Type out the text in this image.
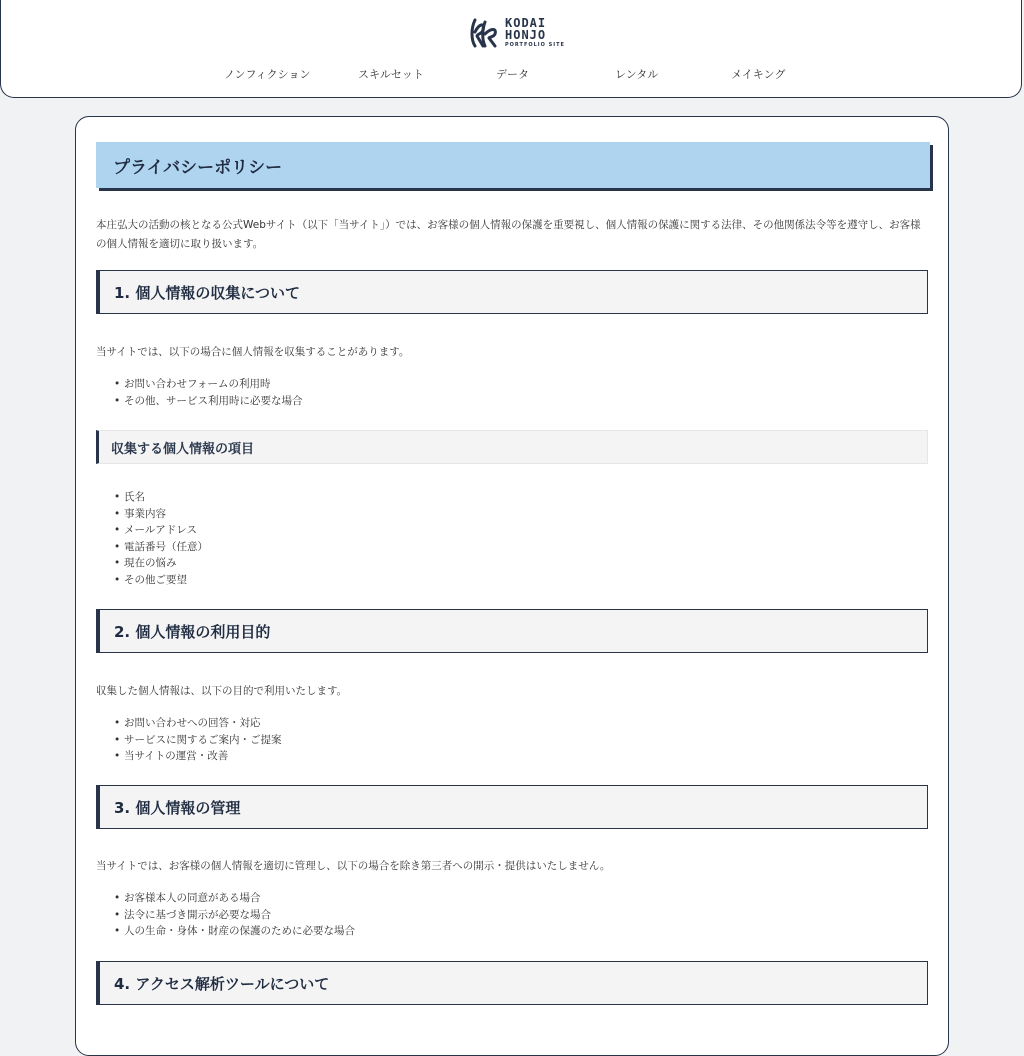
KODAI
HONJO
PORTFOLIO SITE
ノンフィクション	スキルセット	データ	レンタル	メイキング
プライバシーポリシー

本庄弘大の活動の核となる公式Webサイト（以下「当サイト」）では、お客様の個人情報の保護を重要視し、個人情報の保護に関する法律、その他関係法令等を遵守し、お客様の個人情報を適切に取り扱います。

1. 個人情報の収集について

当サイトでは、以下の場合に個人情報を収集することがあります。

• お問い合わせフォームの利用時
• その他、サービス利用時に必要な場合
収集する個人情報の項目
• 氏名
• 事業内容
• メールアドレス
• 電話番号（任意）
• 現在の悩み
• その他ご要望
2. 個人情報の利用目的

収集した個人情報は、以下の目的で利用いたします。

• お問い合わせへの回答・対応
• サービスに関するご案内・ご提案
• 当サイトの運営・改善
3. 個人情報の管理

当サイトでは、お客様の個人情報を適切に管理し、以下の場合を除き第三者への開示・提供はいたしません。

• お客様本人の同意がある場合
• 法令に基づき開示が必要な場合
• 人の生命・身体・財産の保護のために必要な場合
4. アクセス解析ツールについて
